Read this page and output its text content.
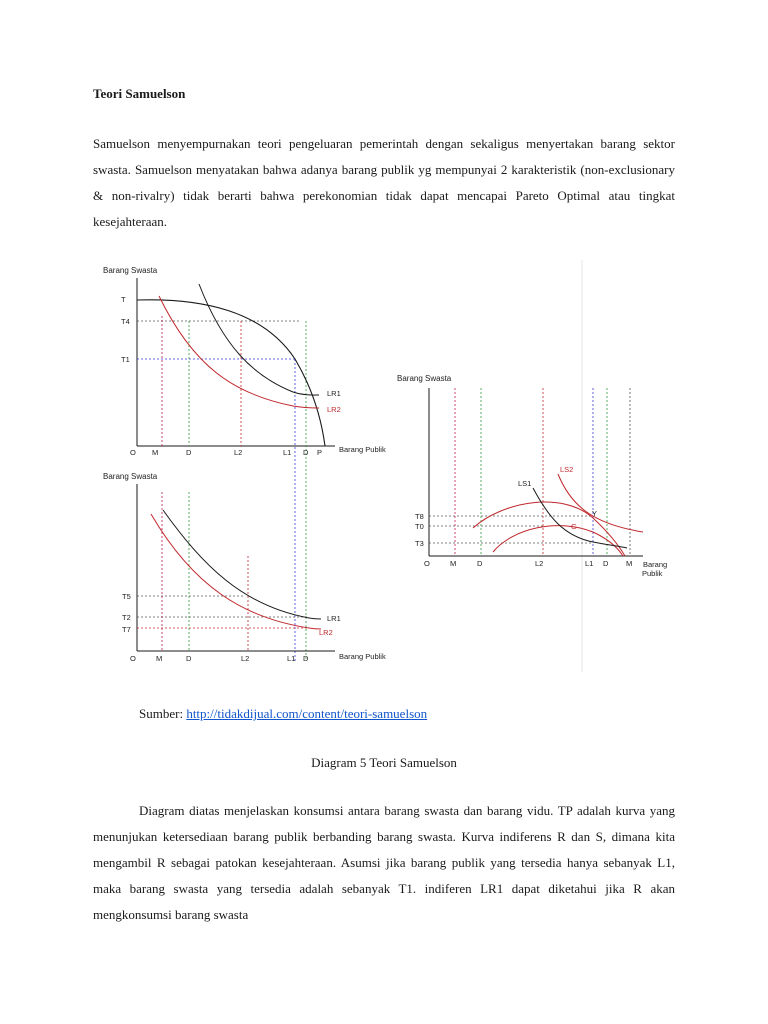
Teori Samuelson

Samuelson menyempurnakan teori pengeluaran pemerintah dengan sekaligus menyertakan barang sektor swasta. Samuelson menyatakan bahwa adanya barang publik yg mempunyai 2 karakteristik (non-exclusionary & non-rivalry) tidak berarti bahwa perekonomian tidak dapat mencapai Pareto Optimal atau tingkat kesejahteraan.

Barang Swasta
Barang Publik
T
T4
T1
LR1
LR2
O M	D	L2	L1 D P
Barang Swasta
Barang Publik
T5
T2
T7
LR1
LR2
O	M	D	L2	L1 D
Barang Swasta
Barang
Publik
T8
T0
T3
LS1
LS2
Y
G
O	M	D	L2	L1 D M

Sumber: http://tidakdijual.com/content/teori-samuelson

Diagram 5 Teori Samuelson

Diagram diatas menjelaskan konsumsi antara barang swasta dan barang vidu. TP adalah kurva yang menunjukan ketersediaan barang publik berbanding barang swasta. Kurva indiferens R dan S, dimana kita mengambil R sebagai patokan kesejahteraan. Asumsi jika barang publik yang tersedia hanya sebanyak L1, maka barang swasta yang tersedia adalah sebanyak T1. indiferen LR1 dapat diketahui jika R akan mengkonsumsi barang swasta
